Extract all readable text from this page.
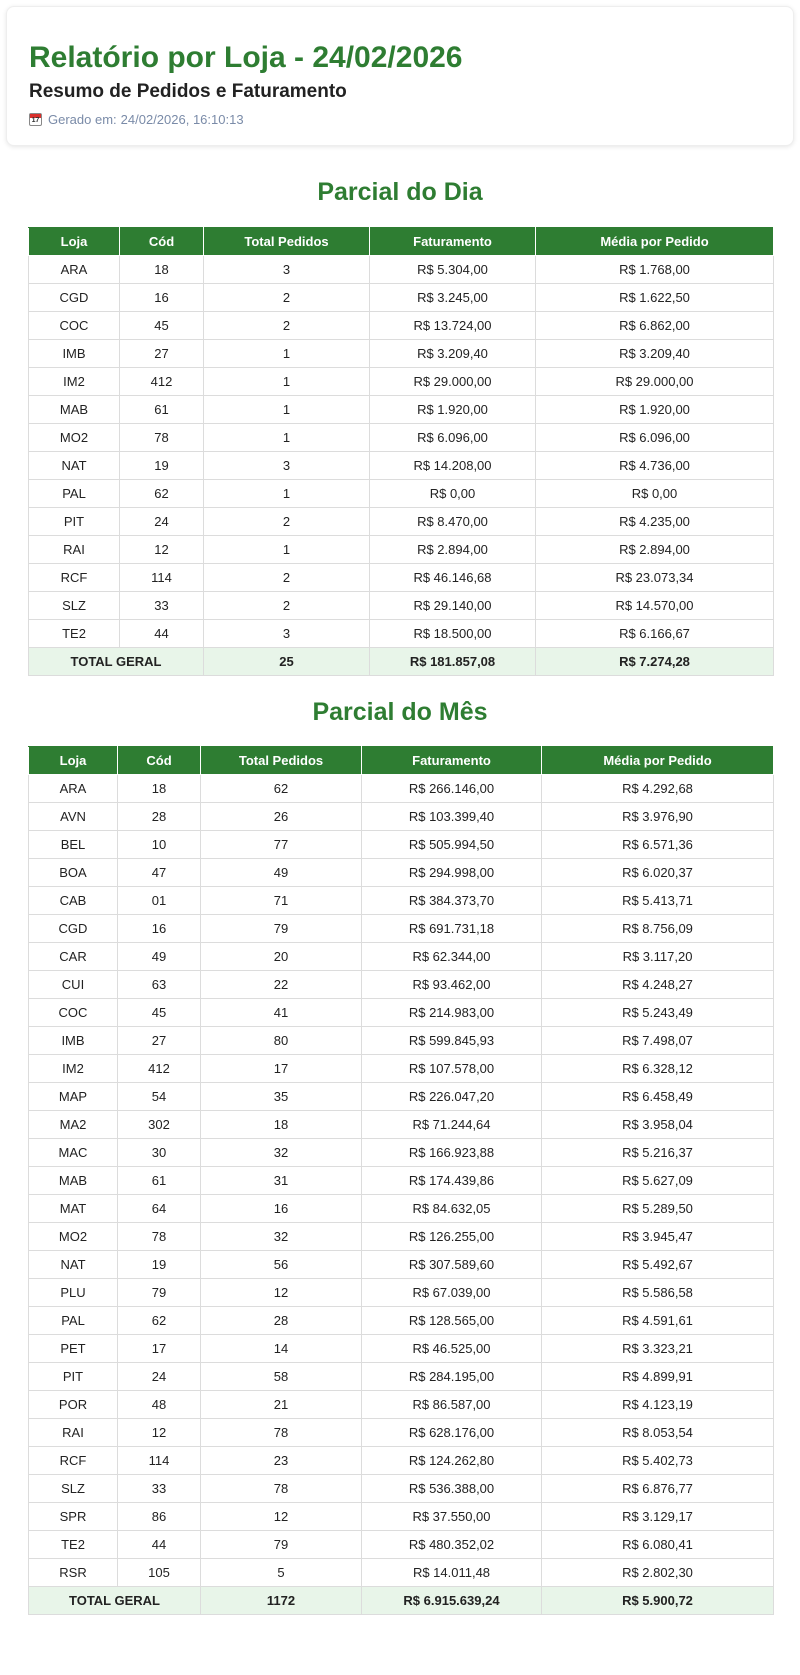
Relatório por Loja - 24/02/2026
Resumo de Pedidos e Faturamento
17Gerado em: 24/02/2026, 16:10:13
Parcial do Dia
Loja	Cód	Total Pedidos	Faturamento	Média por Pedido
ARA	18	3	R$ 5.304,00	R$ 1.768,00
CGD	16	2	R$ 3.245,00	R$ 1.622,50
COC	45	2	R$ 13.724,00	R$ 6.862,00
IMB	27	1	R$ 3.209,40	R$ 3.209,40
IM2	412	1	R$ 29.000,00	R$ 29.000,00
MAB	61	1	R$ 1.920,00	R$ 1.920,00
MO2	78	1	R$ 6.096,00	R$ 6.096,00
NAT	19	3	R$ 14.208,00	R$ 4.736,00
PAL	62	1	R$ 0,00	R$ 0,00
PIT	24	2	R$ 8.470,00	R$ 4.235,00
RAI	12	1	R$ 2.894,00	R$ 2.894,00
RCF	114	2	R$ 46.146,68	R$ 23.073,34
SLZ	33	2	R$ 29.140,00	R$ 14.570,00
TE2	44	3	R$ 18.500,00	R$ 6.166,67
TOTAL GERAL		25	R$ 181.857,08	R$ 7.274,28
Parcial do Mês
Loja	Cód	Total Pedidos	Faturamento	Média por Pedido
ARA	18	62	R$ 266.146,00	R$ 4.292,68
AVN	28	26	R$ 103.399,40	R$ 3.976,90
BEL	10	77	R$ 505.994,50	R$ 6.571,36
BOA	47	49	R$ 294.998,00	R$ 6.020,37
CAB	01	71	R$ 384.373,70	R$ 5.413,71
CGD	16	79	R$ 691.731,18	R$ 8.756,09
CAR	49	20	R$ 62.344,00	R$ 3.117,20
CUI	63	22	R$ 93.462,00	R$ 4.248,27
COC	45	41	R$ 214.983,00	R$ 5.243,49
IMB	27	80	R$ 599.845,93	R$ 7.498,07
IM2	412	17	R$ 107.578,00	R$ 6.328,12
MAP	54	35	R$ 226.047,20	R$ 6.458,49
MA2	302	18	R$ 71.244,64	R$ 3.958,04
MAC	30	32	R$ 166.923,88	R$ 5.216,37
MAB	61	31	R$ 174.439,86	R$ 5.627,09
MAT	64	16	R$ 84.632,05	R$ 5.289,50
MO2	78	32	R$ 126.255,00	R$ 3.945,47
NAT	19	56	R$ 307.589,60	R$ 5.492,67
PLU	79	12	R$ 67.039,00	R$ 5.586,58
PAL	62	28	R$ 128.565,00	R$ 4.591,61
PET	17	14	R$ 46.525,00	R$ 3.323,21
PIT	24	58	R$ 284.195,00	R$ 4.899,91
POR	48	21	R$ 86.587,00	R$ 4.123,19
RAI	12	78	R$ 628.176,00	R$ 8.053,54
RCF	114	23	R$ 124.262,80	R$ 5.402,73
SLZ	33	78	R$ 536.388,00	R$ 6.876,77
SPR	86	12	R$ 37.550,00	R$ 3.129,17
TE2	44	79	R$ 480.352,02	R$ 6.080,41
RSR	105	5	R$ 14.011,48	R$ 2.802,30
TOTAL GERAL		1172	R$ 6.915.639,24	R$ 5.900,72
